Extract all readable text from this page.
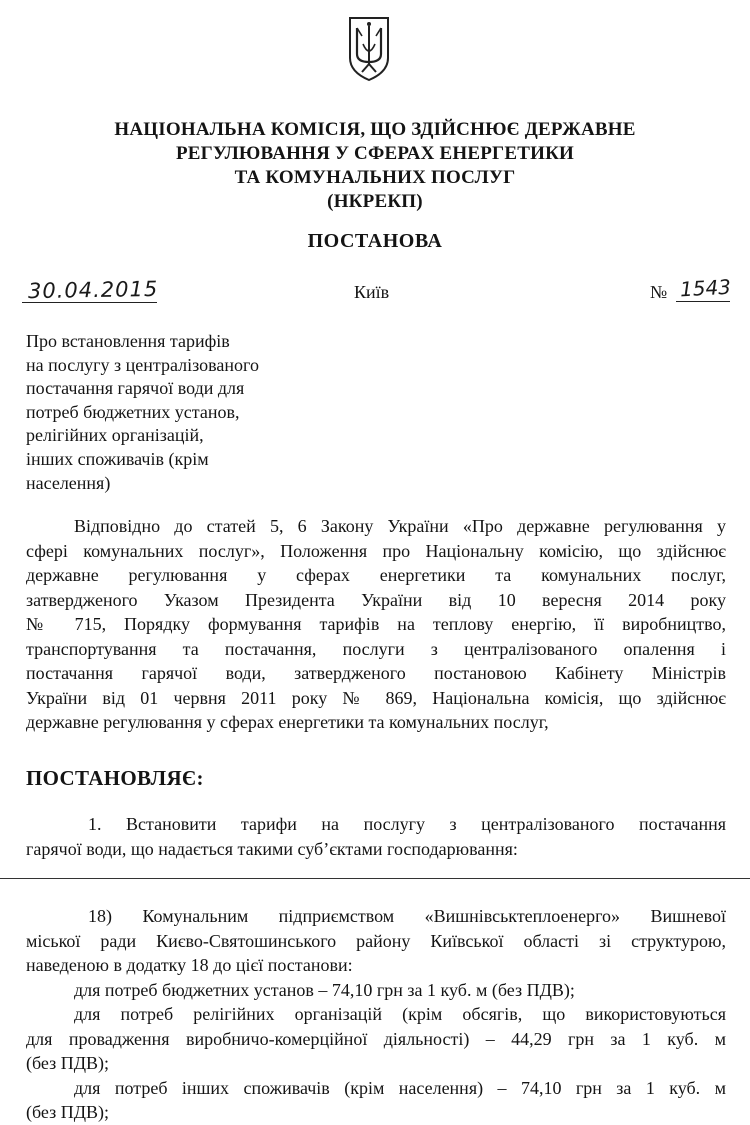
НАЦІОНАЛЬНА КОМІСІЯ, ЩО ЗДІЙСНЮЄ ДЕРЖАВНЕ
РЕГУЛЮВАННЯ У СФЕРАХ ЕНЕРГЕТИКИ
ТА КОМУНАЛЬНИХ ПОСЛУГ
(НКРЕКП)
ПОСТАНОВА
30.04.2015	Київ	№ 1543
Про встановлення тарифів
на послугу з централізованого
постачання гарячої води для
потреб бюджетних установ,
релігійних організацій,
інших споживачів (крім
населення)
Відповідно до статей 5, 6 Закону України «Про державне регулювання у
сфері комунальних послуг», Положення про Національну комісію, що здійснює
державне регулювання у сферах енергетики та комунальних послуг,
затвердженого Указом Президента України від 10 вересня 2014 року
№ 715, Порядку формування тарифів на теплову енергію, її виробництво,
транспортування та постачання, послуги з централізованого опалення і
постачання гарячої води, затвердженого постановою Кабінету Міністрів
України від 01 червня 2011 року № 869, Національна комісія, що здійснює
державне регулювання у сферах енергетики та комунальних послуг,
ПОСТАНОВЛЯЄ:
1. Встановити тарифи на послугу з централізованого постачання
гарячої води, що надається такими суб’єктами господарювання:
18) Комунальним підприємством «Вишнівськтеплоенерго» Вишневої
міської ради Києво-Святошинського району Київської області зі структурою,
наведеною в додатку 18 до цієї постанови:
для потреб бюджетних установ – 74,10 грн за 1 куб. м (без ПДВ);
для потреб релігійних організацій (крім обсягів, що використовуються
для провадження виробничо-комерційної діяльності) – 44,29 грн за 1 куб. м
(без ПДВ);
для потреб інших споживачів (крім населення) – 74,10 грн за 1 куб. м
(без ПДВ);
